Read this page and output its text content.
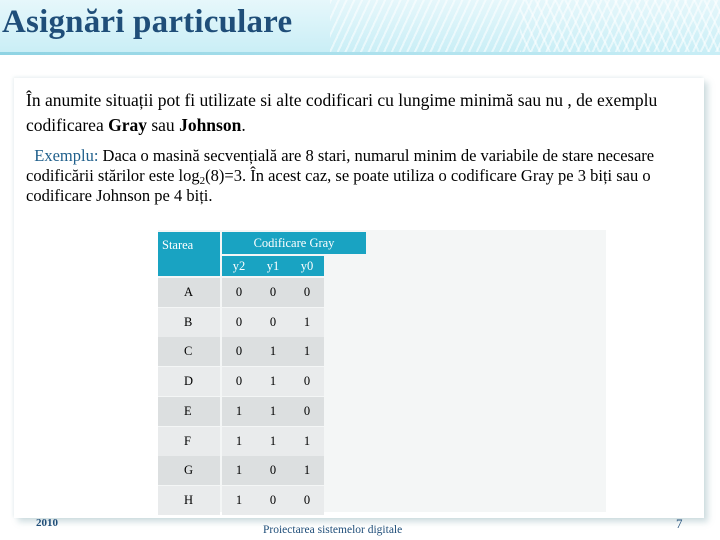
Asignări particulare

În anumite situații pot fi utilizate si alte codificari cu lungime minimă sau nu , de exemplu codificarea Gray sau Johnson.

Exemplu: Daca o masină secvențială are 8 stari, numarul minim de variabile de stare necesare codificării stărilor este $\log_2(8)=3$. În acest caz, se poate utiliza o codificare Gray pe 3 biți sau o codificare Johnson pe 4 biți.

Starea	Codificare Gray
y2	y1	y0
A	0	0	0
B	0	0	1
C	0	1	1
D	0	1	0
E	1	1	0
F	1	1	1
G	1	0	1
H	1	0	0
2010
Proiectarea sistemelor digitale	7
